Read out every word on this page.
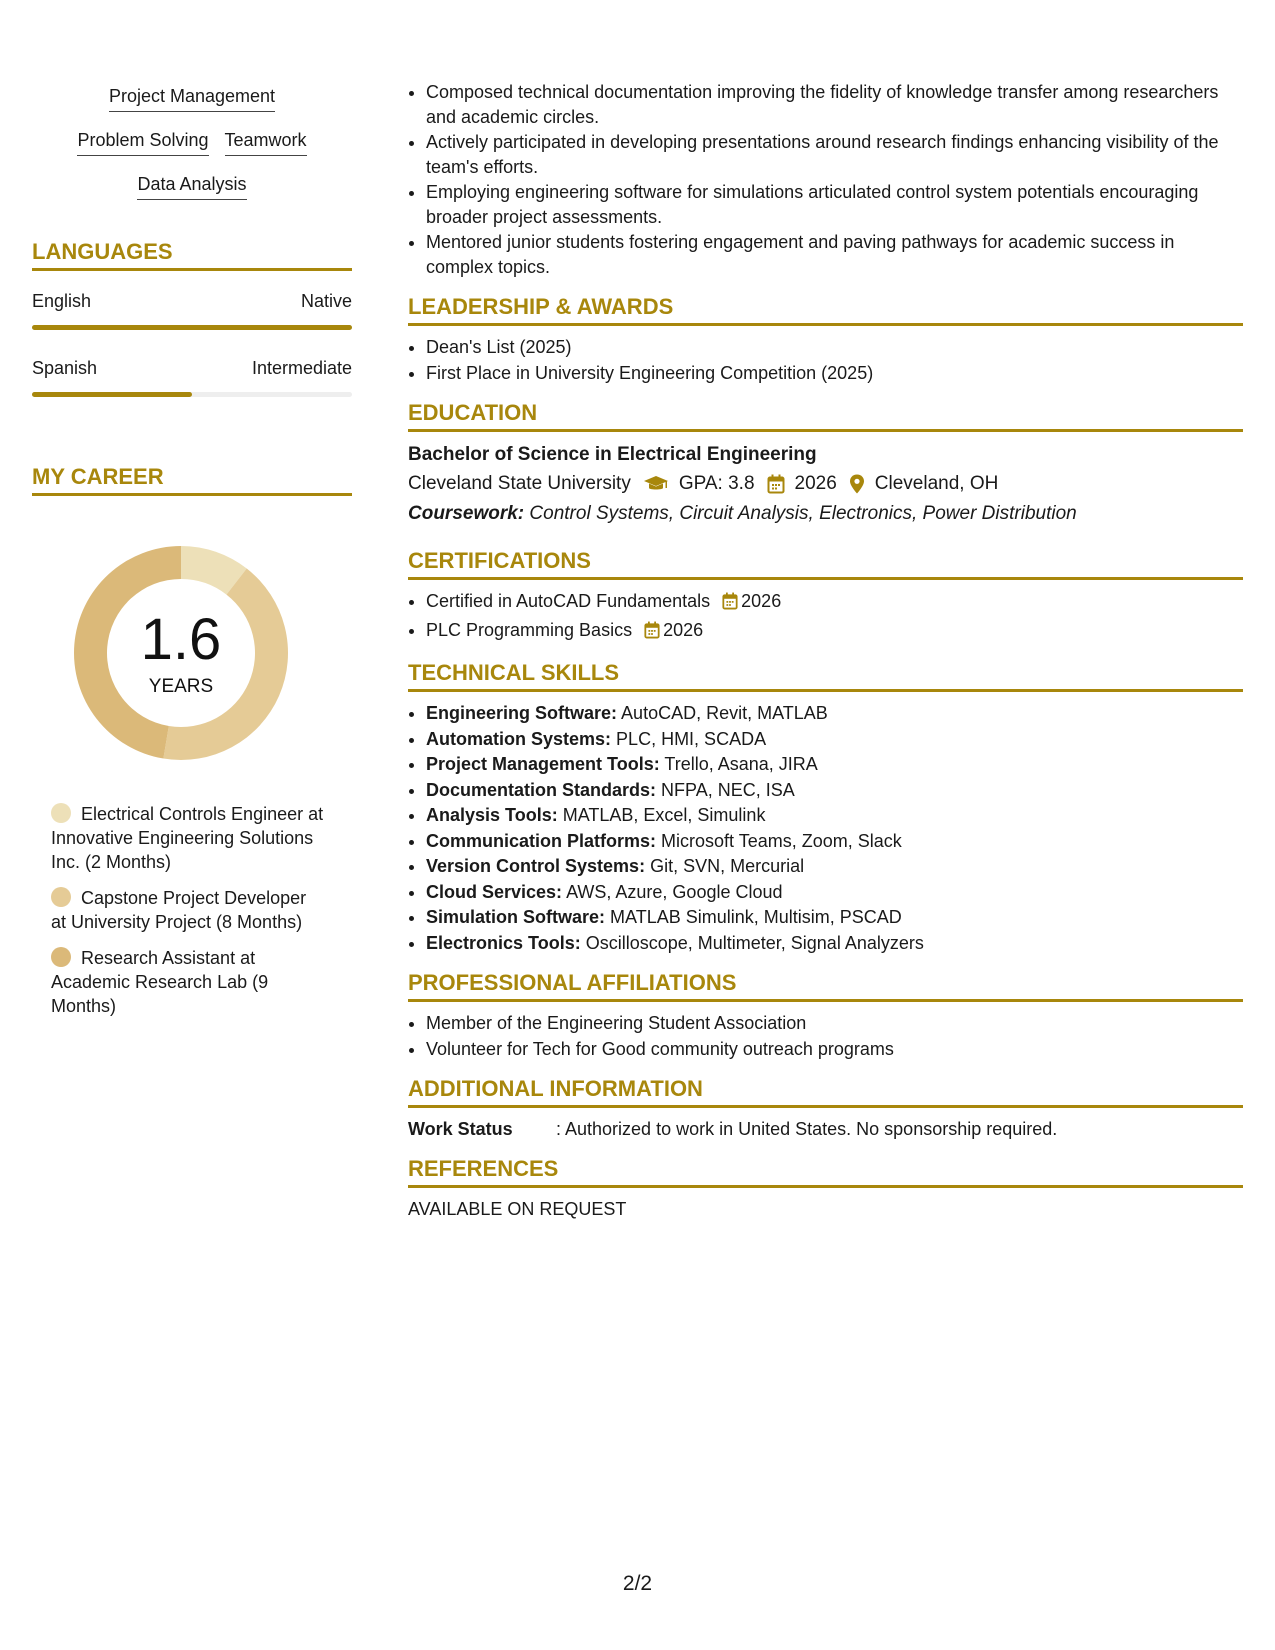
Project Management
Problem Solving Teamwork
Data Analysis
LANGUAGES
English	Native
Spanish	Intermediate
MY CAREER
1.6
YEARS
Electrical Controls Engineer at Innovative Engineering Solutions Inc. (2 Months)
Capstone Project Developer at University Project (8 Months)
Research Assistant at Academic Research Lab (9 Months)
• Composed technical documentation improving the fidelity of knowledge transfer among researchers and academic circles.
• Actively participated in developing presentations around research findings enhancing visibility of the team's efforts.
• Employing engineering software for simulations articulated control system potentials encouraging broader project assessments.
• Mentored junior students fostering engagement and paving pathways for academic success in complex topics.
LEADERSHIP & AWARDS
• Dean's List (2025)
• First Place in University Engineering Competition (2025)
EDUCATION
Bachelor of Science in Electrical Engineering
Cleveland State University	GPA: 3.8 2026 Cleveland, OH
Coursework: Control Systems, Circuit Analysis, Electronics, Power Distribution
CERTIFICATIONS
• Certified in AutoCAD Fundamentals 2026
• PLC Programming Basics 2026
TECHNICAL SKILLS
• Engineering Software: AutoCAD, Revit, MATLAB
• Automation Systems: PLC, HMI, SCADA
• Project Management Tools: Trello, Asana, JIRA
• Documentation Standards: NFPA, NEC, ISA
• Analysis Tools: MATLAB, Excel, Simulink
• Communication Platforms: Microsoft Teams, Zoom, Slack
• Version Control Systems: Git, SVN, Mercurial
• Cloud Services: AWS, Azure, Google Cloud
• Simulation Software: MATLAB Simulink, Multisim, PSCAD
• Electronics Tools: Oscilloscope, Multimeter, Signal Analyzers
PROFESSIONAL AFFILIATIONS
• Member of the Engineering Student Association
• Volunteer for Tech for Good community outreach programs
ADDITIONAL INFORMATION
Work Status	: Authorized to work in United States. No sponsorship required.
REFERENCES
AVAILABLE ON REQUEST
2/2
